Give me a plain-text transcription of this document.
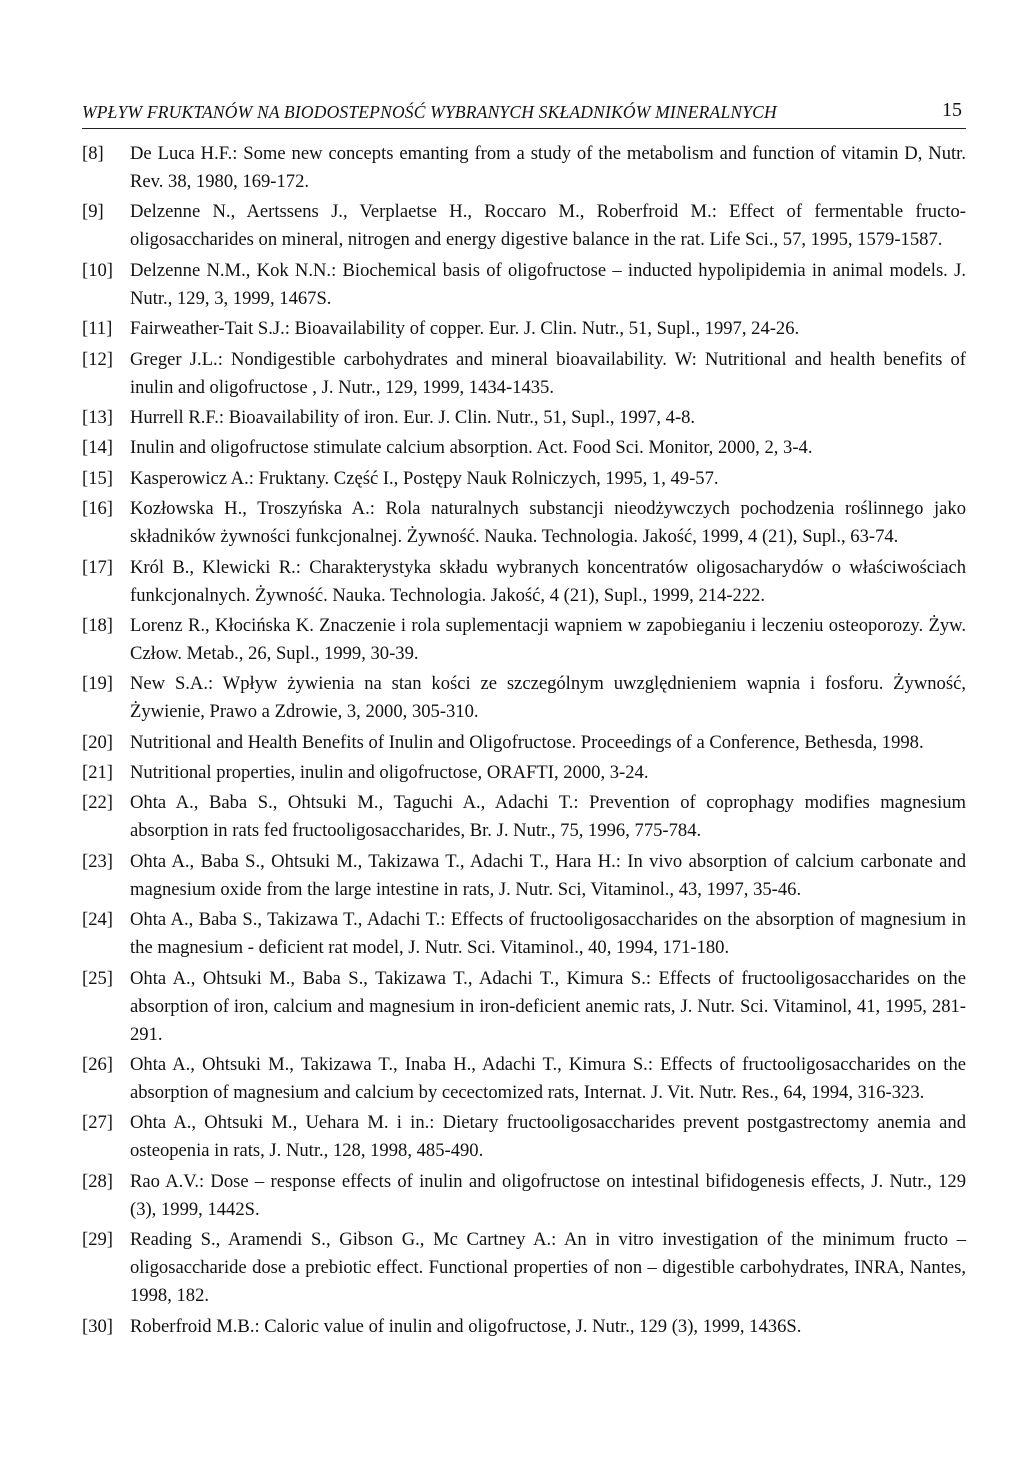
WPŁYW FRUKTANÓW NA BIODOSTEPNOŚĆ WYBRANYCH SKŁADNIKÓW MINERALNYCH	15
[8]	De Luca H.F.: Some new concepts emanting from a study of the metabolism and function of vitamin D, Nutr. Rev. 38, 1980, 169-172.
[9]	Delzenne N., Aertssens J., Verplaetse H., Roccaro M., Roberfroid M.: Effect of fermentable fructo-oligosaccharides on mineral, nitrogen and energy digestive balance in the rat. Life Sci., 57, 1995, 1579-1587.
[10] Delzenne N.M., Kok N.N.: Biochemical basis of oligofructose – inducted hypolipidemia in animal models. J. Nutr., 129, 3, 1999, 1467S.
[11] Fairweather-Tait S.J.: Bioavailability of copper. Eur. J. Clin. Nutr., 51, Supl., 1997, 24-26.
[12] Greger J.L.: Nondigestible carbohydrates and mineral bioavailability. W: Nutritional and health benefits of inulin and oligofructose , J. Nutr., 129, 1999, 1434-1435.
[13] Hurrell R.F.: Bioavailability of iron. Eur. J. Clin. Nutr., 51, Supl., 1997, 4-8.
[14] Inulin and oligofructose stimulate calcium absorption. Act. Food Sci. Monitor, 2000, 2, 3-4.
[15] Kasperowicz A.: Fruktany. Część I., Postępy Nauk Rolniczych, 1995, 1, 49-57.
[16] Kozłowska H., Troszyńska A.: Rola naturalnych substancji nieodżywczych pochodzenia roślinnego jako składników żywności funkcjonalnej. Żywność. Nauka. Technologia. Jakość, 1999, 4 (21), Supl., 63-74.
[17] Król B., Klewicki R.: Charakterystyka składu wybranych koncentratów oligosacharydów o właściwościach funkcjonalnych. Żywność. Nauka. Technologia. Jakość, 4 (21), Supl., 1999, 214-222.
[18] Lorenz R., Kłocińska K. Znaczenie i rola suplementacji wapniem w zapobieganiu i leczeniu osteoporozy. Żyw. Człow. Metab., 26, Supl., 1999, 30-39.
[19] New S.A.: Wpływ żywienia na stan kości ze szczególnym uwzględnieniem wapnia i fosforu. Żywność, Żywienie, Prawo a Zdrowie, 3, 2000, 305-310.
[20] Nutritional and Health Benefits of Inulin and Oligofructose. Proceedings of a Conference, Bethesda, 1998.
[21] Nutritional properties, inulin and oligofructose, ORAFTI, 2000, 3-24.
[22] Ohta A., Baba S., Ohtsuki M., Taguchi A., Adachi T.: Prevention of coprophagy modifies magnesium absorption in rats fed fructooligosaccharides, Br. J. Nutr., 75, 1996, 775-784.
[23] Ohta A., Baba S., Ohtsuki M., Takizawa T., Adachi T., Hara H.: In vivo absorption of calcium carbonate and magnesium oxide from the large intestine in rats, J. Nutr. Sci, Vitaminol., 43, 1997, 35-46.
[24] Ohta A., Baba S., Takizawa T., Adachi T.: Effects of fructooligosaccharides on the absorption of magnesium in the magnesium - deficient rat model, J. Nutr. Sci. Vitaminol., 40, 1994, 171-180.
[25] Ohta A., Ohtsuki M., Baba S., Takizawa T., Adachi T., Kimura S.: Effects of fructooligosaccharides on the absorption of iron, calcium and magnesium in iron-deficient anemic rats, J. Nutr. Sci. Vitaminol, 41, 1995, 281-291.
[26] Ohta A., Ohtsuki M., Takizawa T., Inaba H., Adachi T., Kimura S.: Effects of fructooligosaccharides on the absorption of magnesium and calcium by cecectomized rats, Internat. J. Vit. Nutr. Res., 64, 1994, 316-323.
[27] Ohta A., Ohtsuki M., Uehara M. i in.: Dietary fructooligosaccharides prevent postgastrectomy anemia and osteopenia in rats, J. Nutr., 128, 1998, 485-490.
[28] Rao A.V.: Dose – response effects of inulin and oligofructose on intestinal bifidogenesis effects, J. Nutr., 129 (3), 1999, 1442S.
[29] Reading S., Aramendi S., Gibson G., Mc Cartney A.: An in vitro investigation of the minimum fructo – oligosaccharide dose a prebiotic effect. Functional properties of non – digestible carbohydrates, INRA, Nantes, 1998, 182.
[30] Roberfroid M.B.: Caloric value of inulin and oligofructose, J. Nutr., 129 (3), 1999, 1436S.
